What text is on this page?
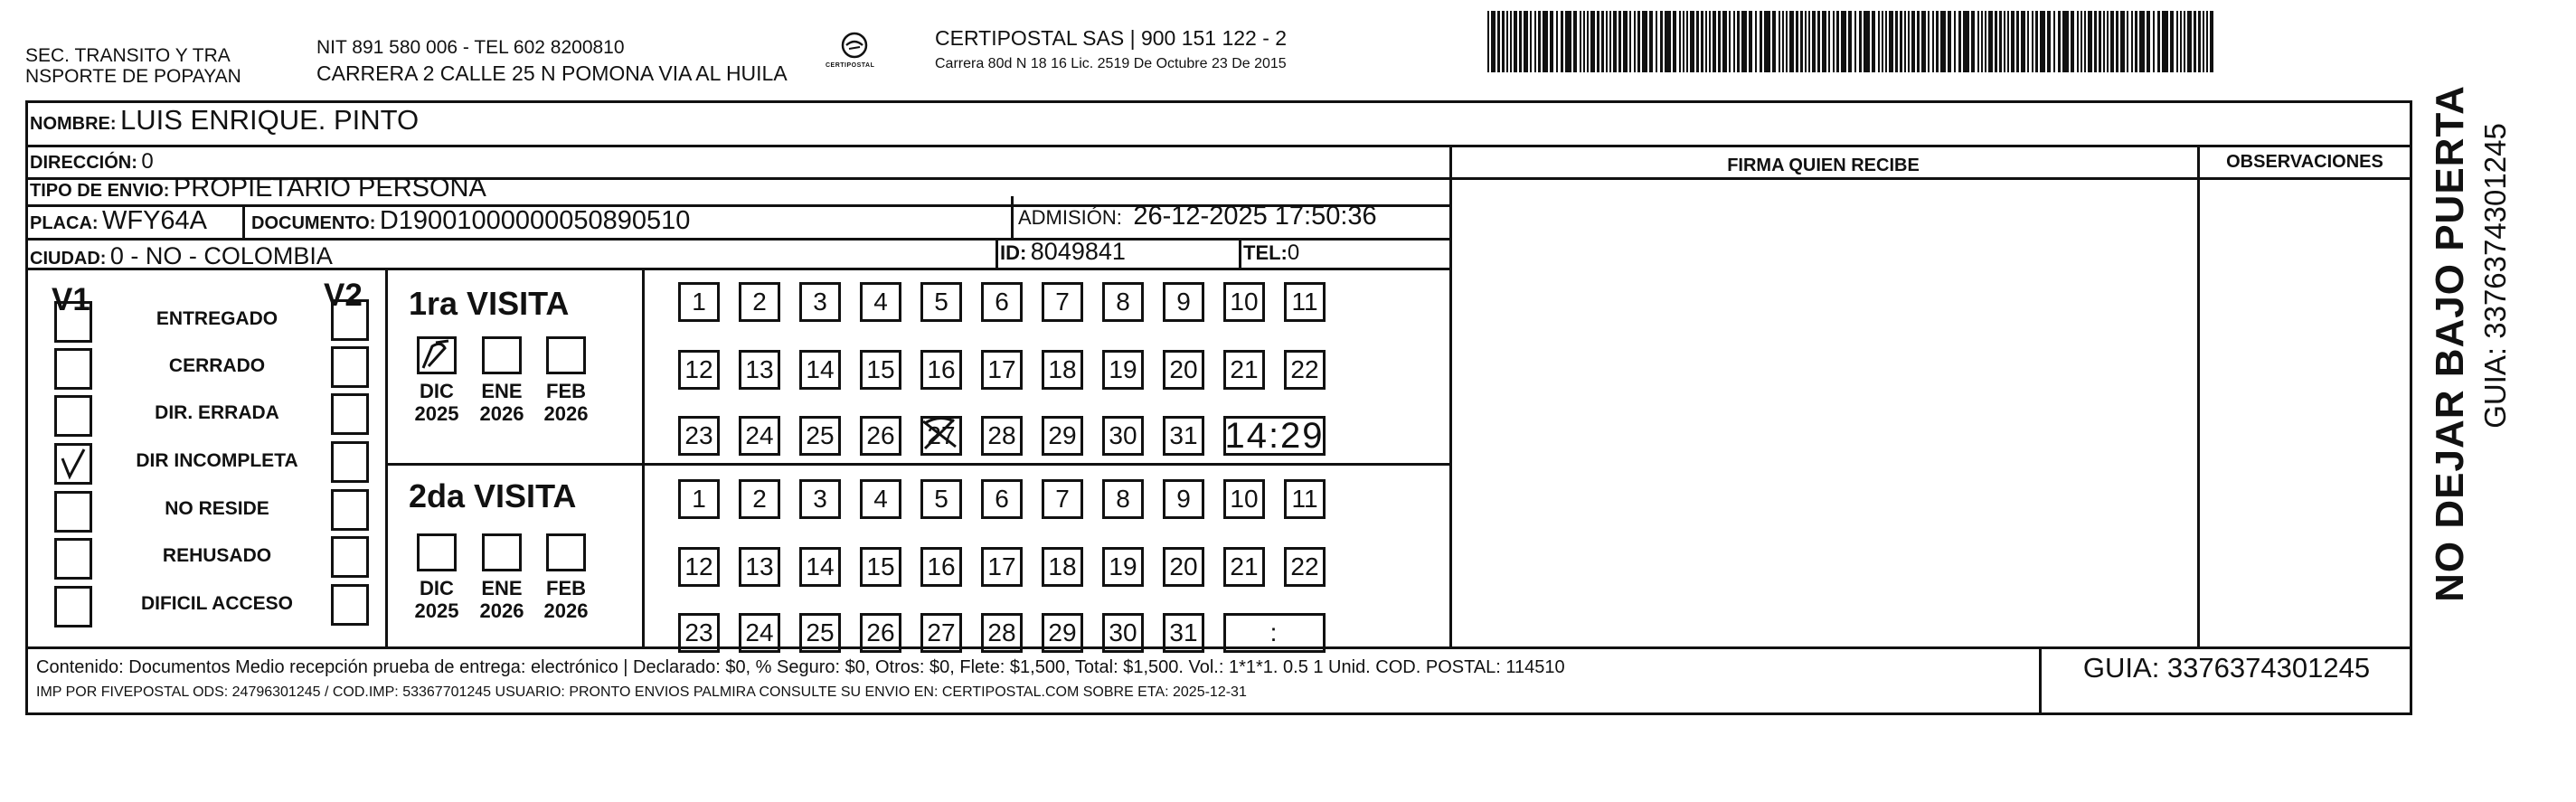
SEC. TRANSITO Y TRA
NSPORTE DE POPAYAN
NIT 891 580 006 - TEL 602 8200810
CARRERA 2 CALLE 25 N POMONA VIA AL HUILA	CERTIPOSTAL
CERTIPOSTAL SAS | 900 151 122 - 2
Carrera 80d N 18 16 Lic. 2519 De Octubre 23 De 2015
NOMBRE: LUIS ENRIQUE. PINTO
DIRECCIÓN: 0
TIPO DE ENVIO: PROPIETARIO PERSONA
PLACA: WFY64A DOCUMENTO: D19001000000050890510	ADMISIÓN: 26-12-2025 17:50:36
CIUDAD: 0 - NO - COLOMBIA	ID: 8049841	TEL:0
FIRMA QUIEN RECIBE	OBSERVACIONES
GUIA: 3376374301245
NO DEJAR BAJO PUERTA GUIA: 3376374301245
V1	V2
ENTREGADO
CERRADO
DIR. ERRADA
DIR INCOMPLETA
NO RESIDE
REHUSADO
DIFICIL ACCESO
1ra VISITA
2da VISITA
1	2	3	4	5	6	7	8	9	10	11
12 13 14 15 16 17 18 19 20 21 22
23 24 25 26 27 28 29 30 31 14:29
DIC
2025
ENE
2026
FEB
2026
1	2	3	4	5	6	7	8	9	10	11
12 13 14 15 16 17 18 19 20 21 22
23 24 25 26 27 28 29 30 31	:
DIC
2025
ENE
2026
FEB
2026
Contenido: Documentos Medio recepción prueba de entrega: electrónico | Declarado: $0, % Seguro: $0, Otros: $0, Flete: $1,500, Total: $1,500. Vol.: 1*1*1. 0.5 1 Unid. COD. POSTAL: 114510
IMP POR FIVEPOSTAL ODS: 24796301245 / COD.IMP: 53367701245 USUARIO: PRONTO ENVIOS PALMIRA CONSULTE SU ENVIO EN: CERTIPOSTAL.COM SOBRE ETA: 2025-12-31
